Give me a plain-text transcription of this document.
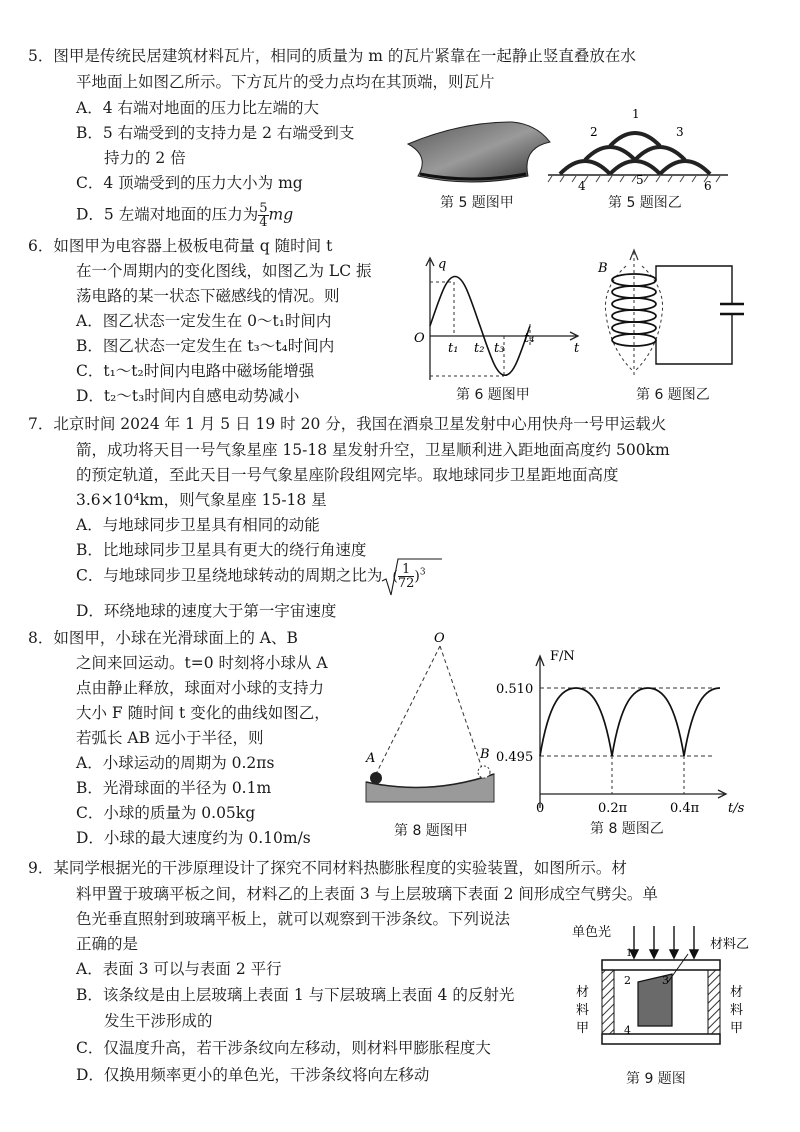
5．图甲是传统民居建筑材料瓦片，相同的质量为 m 的瓦片紧靠在一起静止竖直叠放在水
平地面上如图乙所示。下方瓦片的受力点均在其顶端，则瓦片
A．4 右端对地面的压力比左端的大
B．5 右端受到的支持力是 2 右端受到支
持力的 2 倍
C．4 顶端受到的压力大小为 mg
D．5 左端对地面的压力为 $\frac{5}{4}$ mg
1
2	3
4	5	6
第 5 题图甲	第 5 题图乙
6．如图甲为电容器上极板电荷量 q 随时间 t
在一个周期内的变化图线，如图乙为 LC 振
荡电路的某一状态下磁感线的情况。则
A．图乙状态一定发生在 0～t₁时间内
B．图乙状态一定发生在 t₃～t₄时间内
C．t₁～t₂时间内电路中磁场能增强
D．t₂～t₃时间内自感电动势减小
q
t
O
t₁ t₂ t₃
t₄
B
第 6 题图甲	第 6 题图乙
7．北京时间 2024 年 1 月 5 日 19 时 20 分，我国在酒泉卫星发射中心用快舟一号甲运载火
箭，成功将天目一号气象星座 15-18 星发射升空，卫星顺利进入距地面高度约 500km
的预定轨道，至此天目一号气象星座阶段组网完毕。取地球同步卫星距地面高度
3.6×10⁴km，则气象星座 15-18 星
A．与地球同步卫星具有相同的动能
B．比地球同步卫星具有更大的绕行角速度
C．与地球同步卫星绕地球转动的周期之比为 ( $\frac{1}{72} )^3$
D．环绕地球的速度大于第一宇宙速度
8．如图甲，小球在光滑球面上的 A、B
之间来回运动。t=0 时刻将小球从 A
点由静止释放，球面对小球的支持力
大小 F 随时间 t 变化的曲线如图乙，
若弧长 AB 远小于半径，则
A．小球运动的周期为 0.2πs
B．光滑球面的半径为 0.1m
C．小球的质量为 0.05kg
D．小球的最大速度约为 0.10m/s
O
A	B
第 8 题图甲
F/N
t/s
0.510
0.495
0	0.2π	0.4π
第 8 题图乙
9．某同学根据光的干涉原理设计了探究不同材料热膨胀程度的实验装置，如图所示。材
料甲置于玻璃平板之间，材料乙的上表面 3 与上层玻璃下表面 2 间形成空气劈尖。单
色光垂直照射到玻璃平板上，就可以观察到干涉条纹。下列说法
正确的是
A．表面 3 可以与表面 2 平行
B．该条纹是由上层玻璃上表面 1 与下层玻璃上表面 4 的反射光
发生干涉形成的
C．仅温度升高，若干涉条纹向左移动，则材料甲膨胀程度大
D．仅换用频率更小的单色光，干涉条纹将向左移动
单色光
材料乙
1
2	3
4
材
料
甲
材
料
甲
第 9 题图
